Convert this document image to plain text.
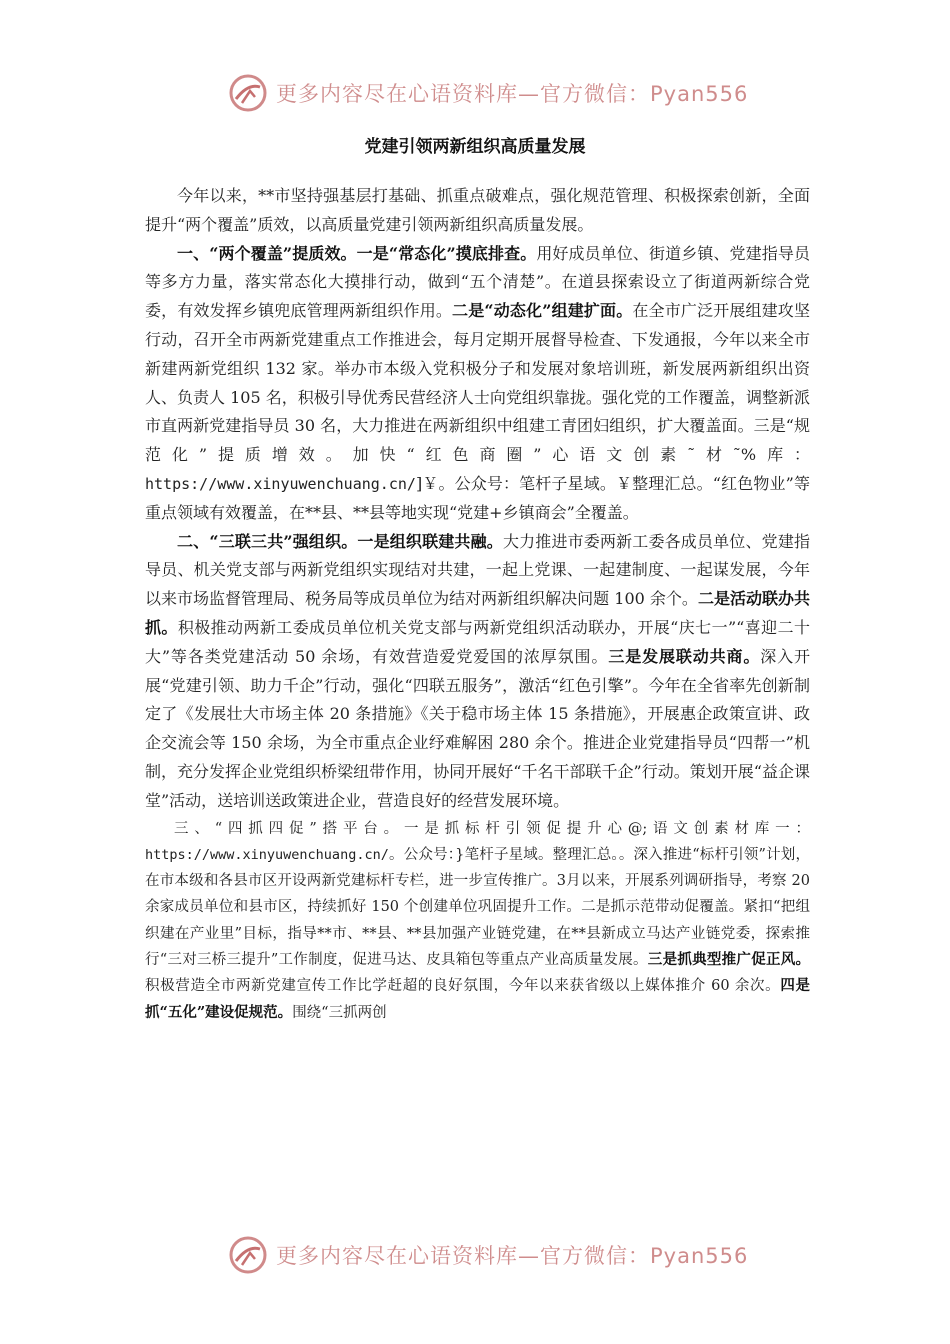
更多内容尽在心语资料库—官方微信：Pyan556
党建引领两新组织高质量发展

今年以来，**市坚持强基层打基础、抓重点破难点，强化规范管理、积极探索创新，全面提升“两个覆盖”质效，以高质量党建引领两新组织高质量发展。

一、“两个覆盖”提质效。一是“常态化”摸底排查。用好成员单位、街道乡镇、党建指导员等多方力量，落实常态化大摸排行动，做到“五个清楚”。在道县探索设立了街道两新综合党委，有效发挥乡镇兜底管理两新组织作用。二是“动态化”组建扩面。在全市广泛开展组建攻坚行动，召开全市两新党建重点工作推进会，每月定期开展督导检查、下发通报，今年以来全市新建两新党组织 132 家。举办市本级入党积极分子和发展对象培训班，新发展两新组织出资人、负责人 105 名，积极引导优秀民营经济人士向党组织靠拢。强化党的工作覆盖，调整新派市直两新党建指导员 30 名，大力推进在两新组织中组建工青团妇组织，扩大覆盖面。三是“规范化”提质增效。加快“红色商圈”心语文创素˜材˜%库：https://www.xinyuwenchuang.cn/]￥。公众号：笔杆子星域。￥整理汇总。“红色物业”等重点领域有效覆盖，在**县、**县等地实现“党建+乡镇商会”全覆盖。

二、“三联三共”强组织。一是组织联建共融。大力推进市委两新工委各成员单位、党建指导员、机关党支部与两新党组织实现结对共建，一起上党课、一起建制度、一起谋发展，今年以来市场监督管理局、税务局等成员单位为结对两新组织解决问题 100 余个。二是活动联办共抓。积极推动两新工委成员单位机关党支部与两新党组织活动联办，开展“庆七一”“喜迎二十大”等各类党建活动 50 余场，有效营造爱党爱国的浓厚氛围。三是发展联动共商。深入开展“党建引领、助力千企”行动，强化“四联五服务”，激活“红色引擎”。今年在全省率先创新制定了《发展壮大市场主体 20 条措施》《关于稳市场主体 15 条措施》，开展惠企政策宣讲、政企交流会等 150 余场，为全市重点企业纾难解困 280 余个。推进企业党建指导员“四帮一”机制，充分发挥企业党组织桥梁纽带作用，协同开展好“千名干部联千企”行动。策划开展“益企课堂”活动，送培训送政策进企业，营造良好的经营发展环境。

三、“四抓四促”搭平台。一是抓标杆引领促提升心@;语文创素材库一：https://www.xinyuwenchuang.cn/。公众号：}笔杆子星域。整理汇总。。深入推进“标杆引领”计划，在市本级和各县市区开设两新党建标杆专栏，进一步宣传推广。3月以来，开展系列调研指导，考察 20 余家成员单位和县市区，持续抓好 150 个创建单位巩固提升工作。二是抓示范带动促覆盖。紧扣“把组织建在产业里”目标，指导**市、**县、**县加强产业链党建，在**县新成立马达产业链党委，探索推行“三对三桥三提升”工作制度，促进马达、皮具箱包等重点产业高质量发展。三是抓典型推广促正风。积极营造全市两新党建宣传工作比学赶超的良好氛围，今年以来获省级以上媒体推介 60 余次。四是抓“五化”建设促规范。围绕“三抓两创

更多内容尽在心语资料库—官方微信：Pyan556
